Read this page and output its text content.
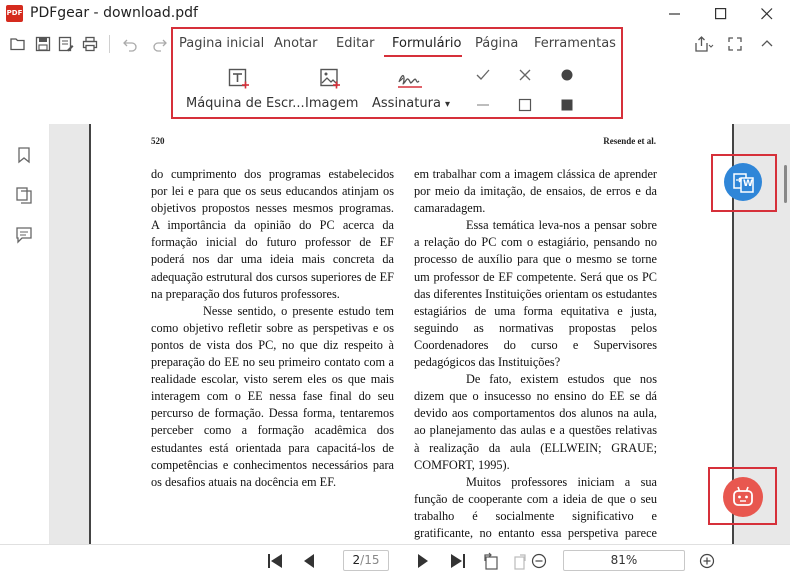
PDF PDFgear - download.pdf
Pagina inicial Anotar Editar Formulário Página Ferramentas
Máquina de Escr... Imagem Assinatura ▾
520	Resende et al.

do cumprimento dos programas estabelecidos por lei e para que os seus educandos atinjam os objetivos propostos nesses mesmos programas. A importância da opinião do PC acerca da formação inicial do futuro professor de EF poderá nos dar uma ideia mais concreta da adequação estrutural dos cursos superiores de EF na preparação dos futuros professores.

Nesse sentido, o presente estudo tem como objetivo refletir sobre as perspetivas e os pontos de vista dos PC, no que diz respeito à preparação do EE no seu primeiro contato com a realidade escolar, visto serem eles os que mais interagem com o EE nessa fase final do seu percurso de formação. Dessa forma, tentaremos perceber como a formação acadêmica dos estudantes está orientada para capacitá-los de competências e conhecimentos necessários para os desafios atuais na docência em EF.

em trabalhar com a imagem clássica de aprender por meio da imitação, de ensaios, de erros e da camaradagem.

Essa temática leva-nos a pensar sobre a relação do PC com o estagiário, pensando no processo de auxílio para que o mesmo se torne um professor de EF competente. Será que os PC das diferentes Instituições orientam os estudantes estagiários de uma forma equitativa e justa, seguindo as normativas propostas pelos Coordenadores do curso e Supervisores pedagógicos das Instituições?

De fato, existem estudos que nos dizem que o insucesso no ensino do EE se dá devido aos comportamentos dos alunos na aula, ao planejamento das aulas e a questões relativas à realização da aula (ELLWEIN; GRAUE; COMFORT, 1995).

Muitos professores iniciam a sua função de cooperante com a ideia de que o seu trabalho é socialmente significativo e gratificante, no entanto essa perspetiva parece

W
2/15	81%
